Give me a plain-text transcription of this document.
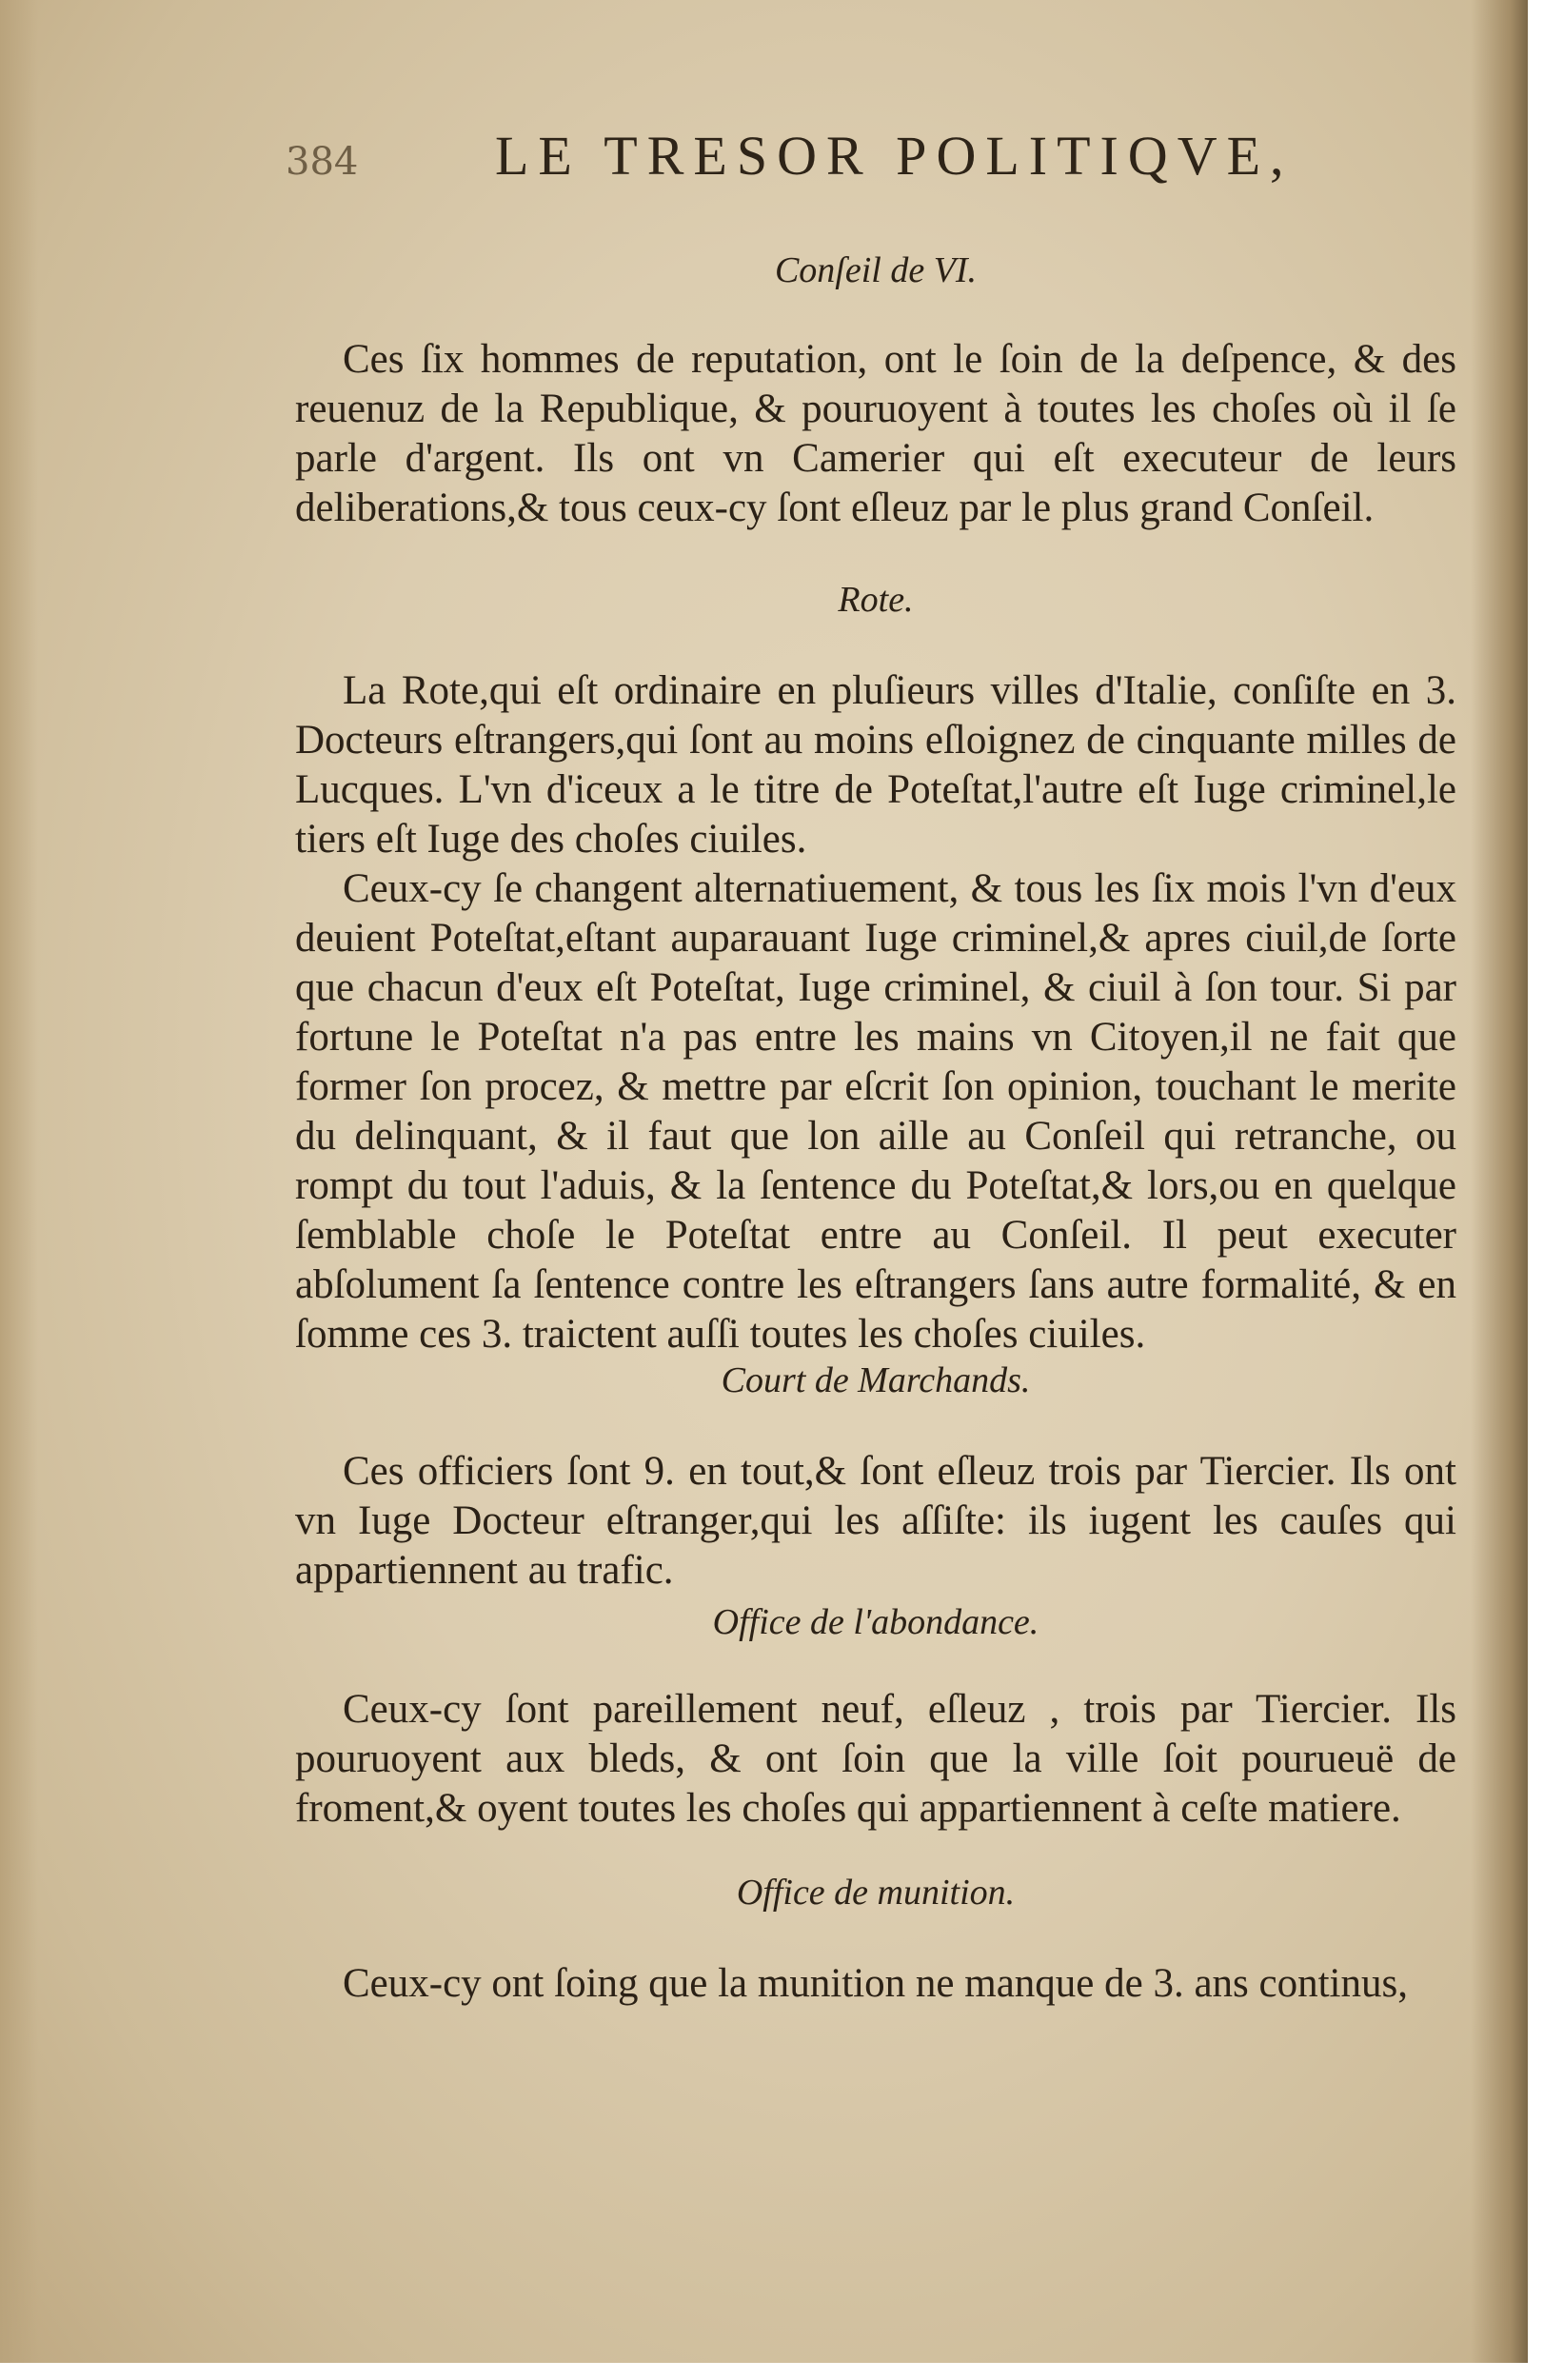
384	LE TRESOR POLITIQVE,
Conſeil de VI.

Ces ſix hommes de reputation, ont le ſoin de la deſpence, & des reuenuz de la Republique, & pouruoyent à toutes les choſes où il ſe parle d'argent. Ils ont vn Camerier qui eſt executeur de leurs deliberations,& tous ceux-cy ſont eſleuz par le plus grand Conſeil.

Rote.

La Rote,qui eſt ordinaire en pluſieurs villes d'Italie, conſiſte en 3. Docteurs eſtrangers,qui ſont au moins eſloignez de cinquante milles de Lucques. L'vn d'iceux a le titre de Poteſtat,l'autre eſt Iuge criminel,le tiers eſt Iuge des choſes ciuiles.

Ceux-cy ſe changent alternatiuement, & tous les ſix mois l'vn d'eux deuient Poteſtat,eſtant auparauant Iuge criminel,& apres ciuil,de ſorte que chacun d'eux eſt Poteſtat, Iuge criminel, & ciuil à ſon tour. Si par fortune le Poteſtat n'a pas entre les mains vn Citoyen,il ne fait que former ſon procez, & mettre par eſcrit ſon opinion, touchant le merite du delinquant, & il faut que lon aille au Conſeil qui retranche, ou rompt du tout l'aduis, & la ſentence du Poteſtat,& lors,ou en quelque ſemblable choſe le Poteſtat entre au Conſeil. Il peut executer abſolument ſa ſentence contre les eſtrangers ſans autre formalité, & en ſomme ces 3. traictent auſſi toutes les choſes ciuiles.

Court de Marchands.

Ces officiers ſont 9. en tout,& ſont eſleuz trois par Tiercier. Ils ont vn Iuge Docteur eſtranger,qui les aſſiſte: ils iugent les cauſes qui appartiennent au trafic.

Office de l'abondance.

Ceux-cy ſont pareillement neuf, eſleuz , trois par Tiercier. Ils pouruoyent aux bleds, & ont ſoin que la ville ſoit pourueuë de froment,& oyent toutes les choſes qui appartiennent à ceſte matiere.

Office de munition.

Ceux-cy ont ſoing que la munition ne manque de 3. ans continus,
